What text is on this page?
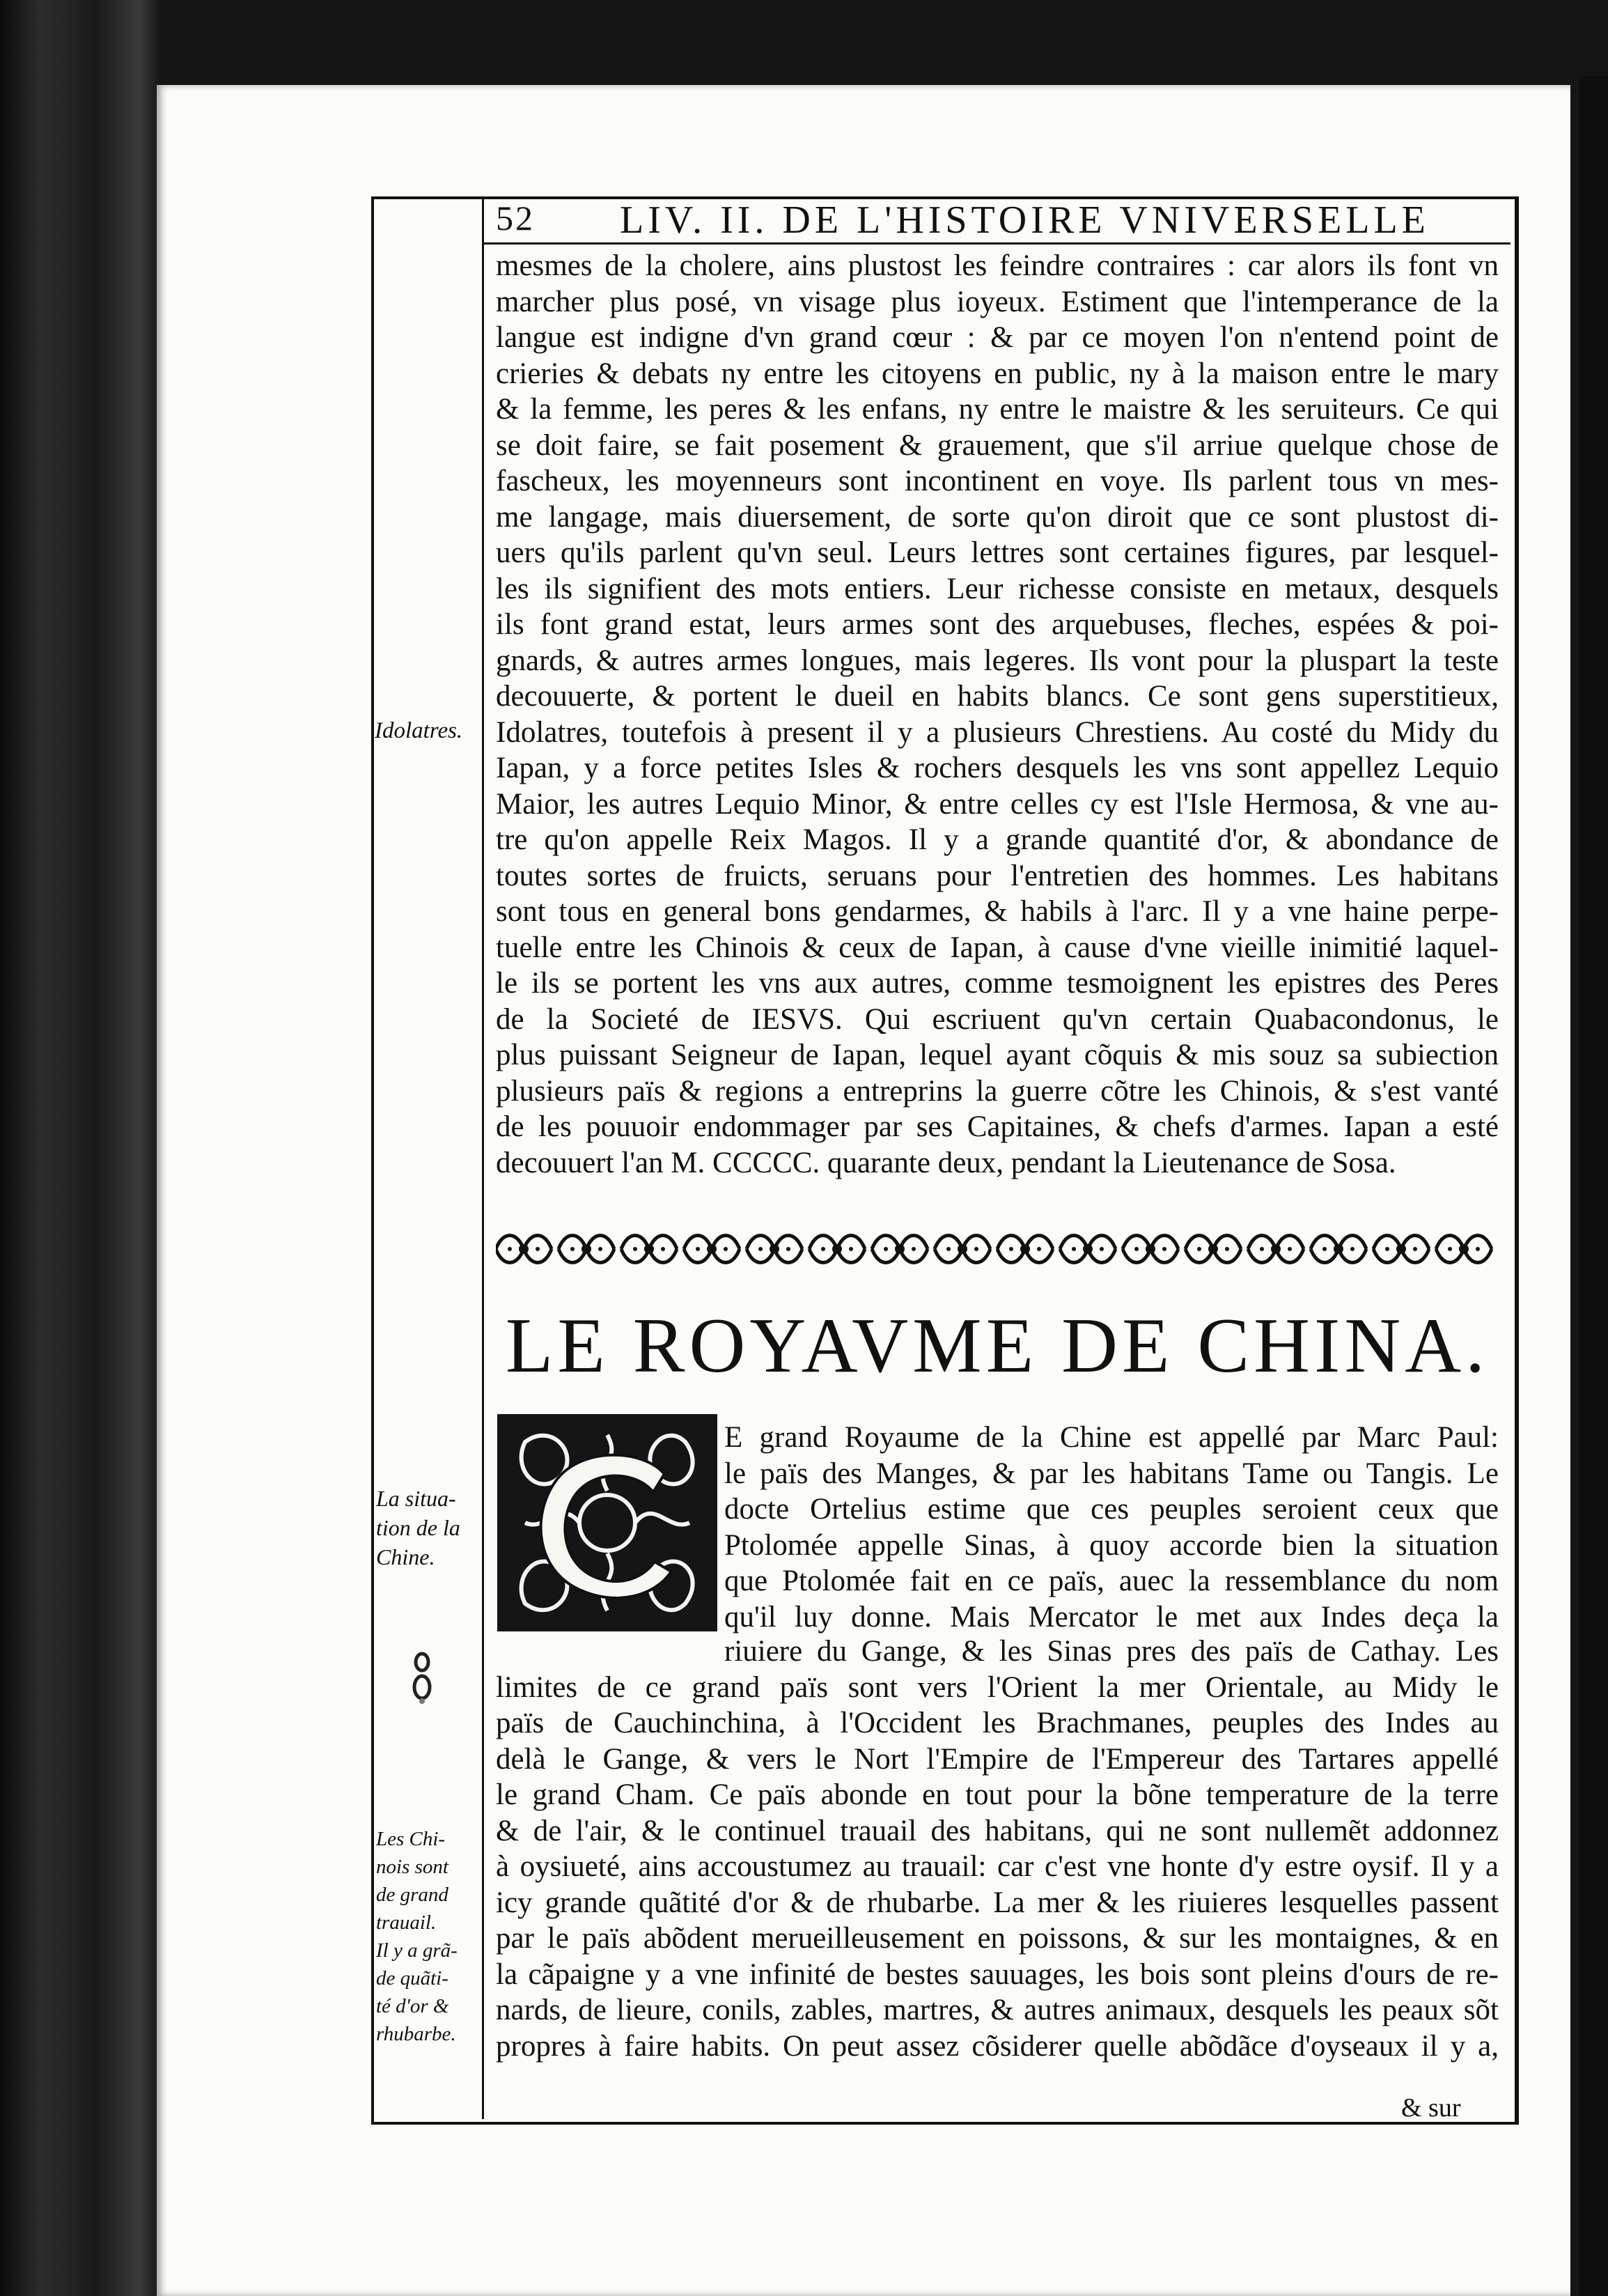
52 LIV. II. DE L'HISTOIRE VNIVERSELLE
Idolatres.
La situa-
tion de la
Chine.
Les Chi-
nois sont
de grand
trauail.
Il y a grã-
de quãti-
té d'or &
rhubarbe.
mesmes de la cholere, ains plustost les feindre contraires : car alors ils font vn
marcher plus posé, vn visage plus ioyeux. Estiment que l'intemperance de la
langue est indigne d'vn grand cœur : & par ce moyen l'on n'entend point de
crieries & debats ny entre les citoyens en public, ny à la maison entre le mary
& la femme, les peres & les enfans, ny entre le maistre & les seruiteurs. Ce qui
se doit faire, se fait posement & grauement, que s'il arriue quelque chose de
fascheux, les moyenneurs sont incontinent en voye. Ils parlent tous vn mes-
me langage, mais diuersement, de sorte qu'on diroit que ce sont plustost di-
uers qu'ils parlent qu'vn seul. Leurs lettres sont certaines figures, par lesquel-
les ils signifient des mots entiers. Leur richesse consiste en metaux, desquels
ils font grand estat, leurs armes sont des arquebuses, fleches, espées & poi-
gnards, & autres armes longues, mais legeres. Ils vont pour la pluspart la teste
decouuerte, & portent le dueil en habits blancs. Ce sont gens superstitieux,
Idolatres, toutefois à present il y a plusieurs Chrestiens. Au costé du Midy du
Iapan, y a force petites Isles & rochers desquels les vns sont appellez Lequio
Maior, les autres Lequio Minor, & entre celles cy est l'Isle Hermosa, & vne au-
tre qu'on appelle Reix Magos. Il y a grande quantité d'or, & abondance de
toutes sortes de fruicts, seruans pour l'entretien des hommes. Les habitans
sont tous en general bons gendarmes, & habils à l'arc. Il y a vne haine perpe-
tuelle entre les Chinois & ceux de Iapan, à cause d'vne vieille inimitié laquel-
le ils se portent les vns aux autres, comme tesmoignent les epistres des Peres
de la Societé de IESVS. Qui escriuent qu'vn certain Quabacondonus, le
plus puissant Seigneur de Iapan, lequel ayant cõquis & mis souz sa subiection
plusieurs païs & regions a entreprins la guerre cõtre les Chinois, & s'est vanté
de les pouuoir endommager par ses Capitaines, & chefs d'armes. Iapan a esté
decouuert l'an M. CCCCC. quarante deux, pendant la Lieutenance de Sosa.
LE ROYAVME DE CHINA.
E grand Royaume de la Chine est appellé par Marc Paul:
le païs des Manges, & par les habitans Tame ou Tangis. Le
docte Ortelius estime que ces peuples seroient ceux que
Ptolomée appelle Sinas, à quoy accorde bien la situation
que Ptolomée fait en ce païs, auec la ressemblance du nom
qu'il luy donne. Mais Mercator le met aux Indes deça la
riuiere du Gange, & les Sinas pres des païs de Cathay. Les
limites de ce grand païs sont vers l'Orient la mer Orientale, au Midy le
païs de Cauchinchina, à l'Occident les Brachmanes, peuples des Indes au
delà le Gange, & vers le Nort l'Empire de l'Empereur des Tartares appellé
le grand Cham. Ce païs abonde en tout pour la bõne temperature de la terre
& de l'air, & le continuel trauail des habitans, qui ne sont nullemẽt addonnez
à oysiueté, ains accoustumez au trauail: car c'est vne honte d'y estre oysif. Il y a
icy grande quãtité d'or & de rhubarbe. La mer & les riuieres lesquelles passent
par le païs abõdent merueilleusement en poissons, & sur les montaignes, & en
la cãpaigne y a vne infinité de bestes sauuages, les bois sont pleins d'ours de re-
nards, de lieure, conils, zables, martres, & autres animaux, desquels les peaux sõt
propres à faire habits. On peut assez cõsiderer quelle abõdãce d'oyseaux il y a,
& sur
